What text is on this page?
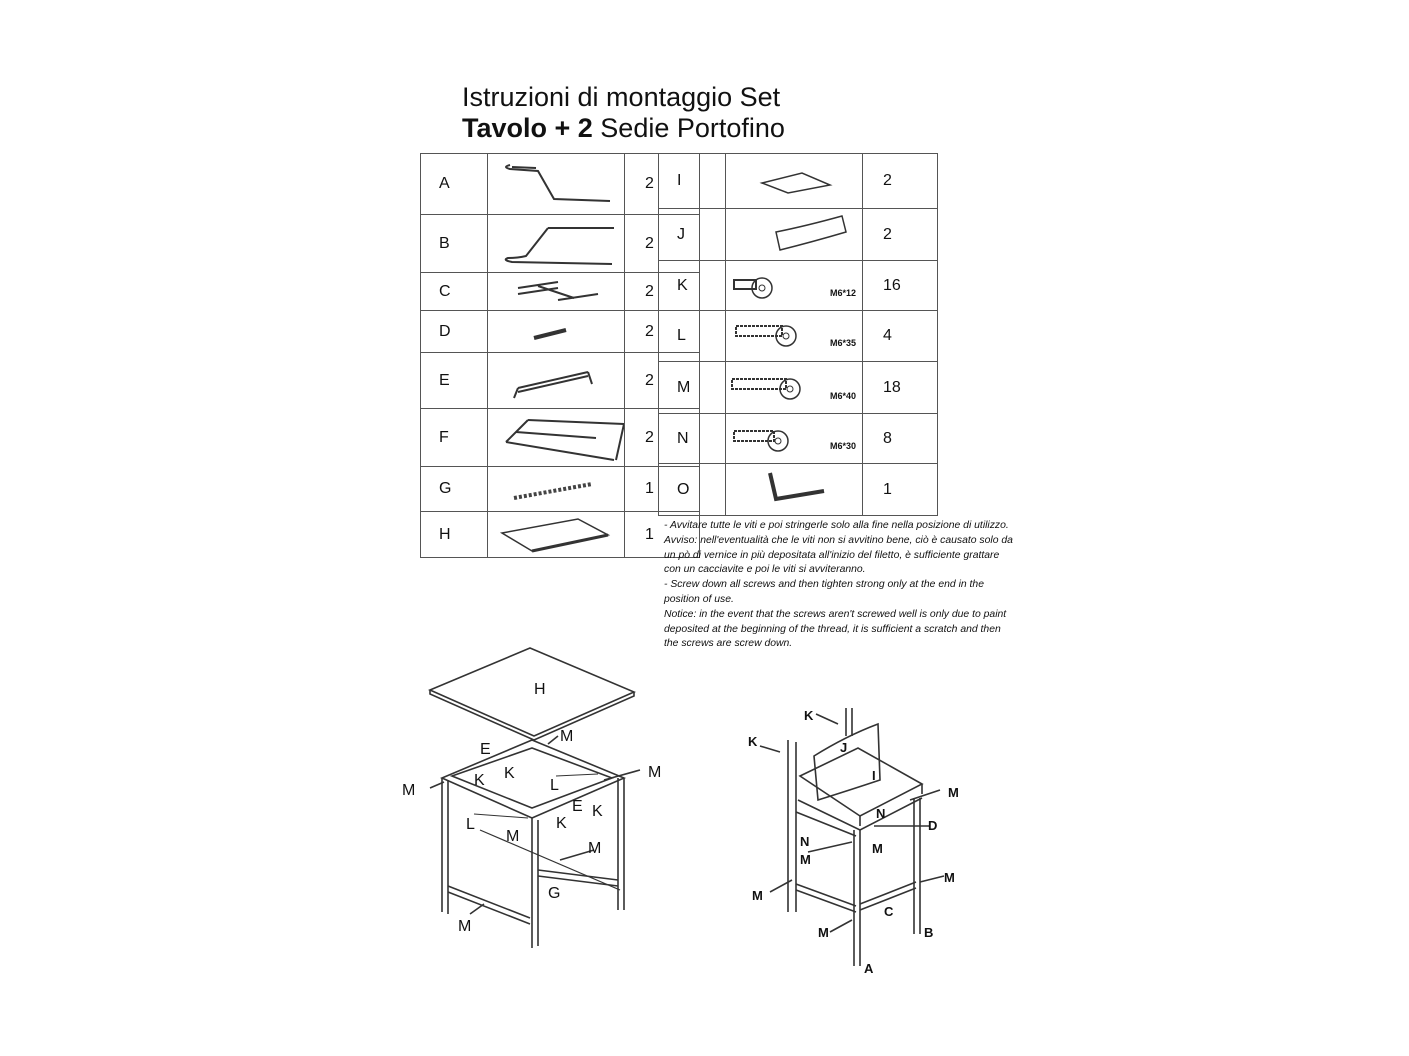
Istruzioni di montaggio Set
Tavolo + 2 Sedie Portofino
A		2
B		2
C		2
D		2
E		2
F		2
G		1
H		1
I		2
J		2
K	M6*12	16
L	M6*35	4
M	M6*40	18
N	M6*30	8
O		1

- Avvitare tutte le viti e poi stringerle solo alla fine nella posizione di utilizzo.

Avviso: nell'eventualità che le viti non si avvitino bene, ciò è causato solo da un pò di vernice in più depositata all'inizio del filetto, è sufficiente grattare con un cacciavite e poi le viti si avviteranno.

- Screw down all screws and then tighten strong only at the end in the position of use.

Notice: in the event that the screws aren't screwed well is only due to paint deposited at the beginning of the thread, it is sufficient a scratch and then the screws are screw down.

H
E
M
M
M
K K
L
L
E K
K
M
M
G
M
K
K	J
I
M
N
D
N	M
M
M
M
C
M	B
A
